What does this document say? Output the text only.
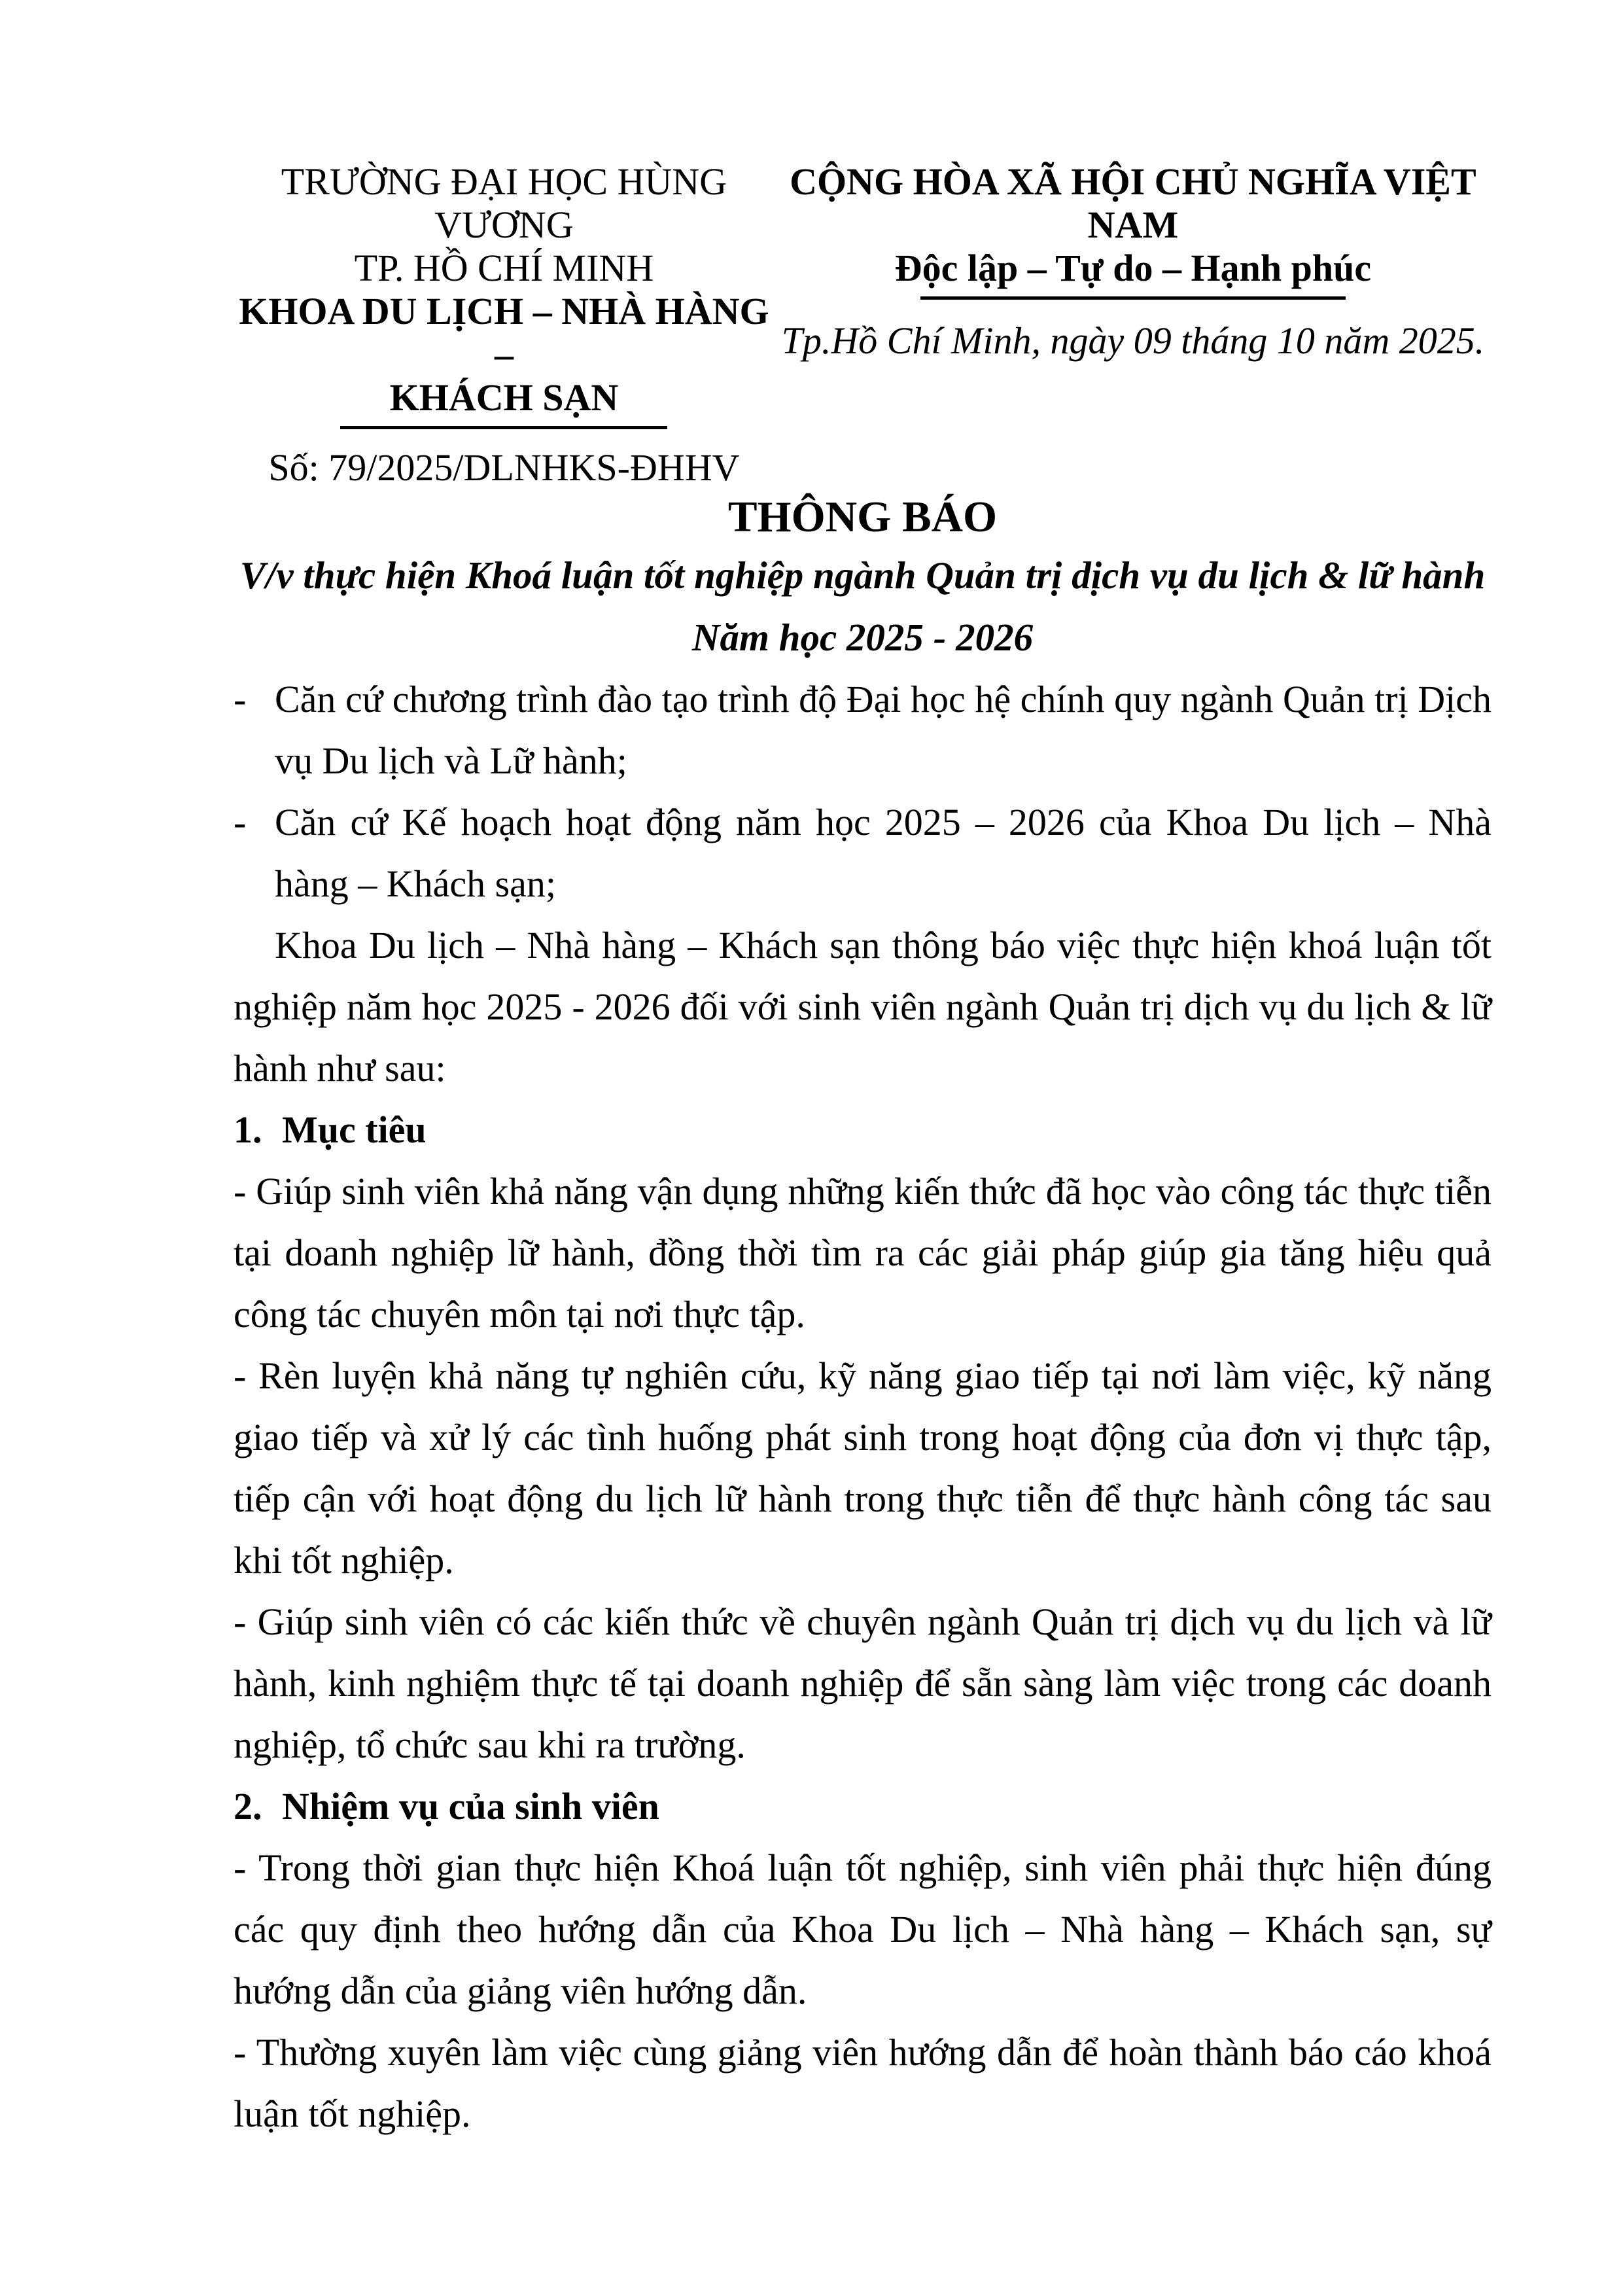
TRƯỜNG ĐẠI HỌC HÙNG VƯƠNG
TP. HỒ CHÍ MINH
KHOA DU LỊCH – NHÀ HÀNG –
KHÁCH SẠN
Số: 79/2025/DLNHKS-ĐHHV
CỘNG HÒA XÃ HỘI CHỦ NGHĨA VIỆT NAM
Độc lập – Tự do – Hạnh phúc
Tp.Hồ Chí Minh, ngày 09 tháng 10 năm 2025.
THÔNG BÁO
V/v thực hiện Khoá luận tốt nghiệp ngành Quản trị dịch vụ du lịch & lữ hành
Năm học 2025 - 2026

- Căn cứ chương trình đào tạo trình độ Đại học hệ chính quy ngành Quản trị Dịch vụ Du lịch và Lữ hành;

- Căn cứ Kế hoạch hoạt động năm học 2025 – 2026 của Khoa Du lịch – Nhà hàng – Khách sạn;

Khoa Du lịch – Nhà hàng – Khách sạn thông báo việc thực hiện khoá luận tốt nghiệp năm học 2025 - 2026 đối với sinh viên ngành Quản trị dịch vụ du lịch & lữ hành như sau:

1. Mục tiêu

- Giúp sinh viên khả năng vận dụng những kiến thức đã học vào công tác thực tiễn tại doanh nghiệp lữ hành, đồng thời tìm ra các giải pháp giúp gia tăng hiệu quả công tác chuyên môn tại nơi thực tập.

- Rèn luyện khả năng tự nghiên cứu, kỹ năng giao tiếp tại nơi làm việc, kỹ năng giao tiếp và xử lý các tình huống phát sinh trong hoạt động của đơn vị thực tập, tiếp cận với hoạt động du lịch lữ hành trong thực tiễn để thực hành công tác sau khi tốt nghiệp.

- Giúp sinh viên có các kiến thức về chuyên ngành Quản trị dịch vụ du lịch và lữ hành, kinh nghiệm thực tế tại doanh nghiệp để sẵn sàng làm việc trong các doanh nghiệp, tổ chức sau khi ra trường.

2. Nhiệm vụ của sinh viên

- Trong thời gian thực hiện Khoá luận tốt nghiệp, sinh viên phải thực hiện đúng các quy định theo hướng dẫn của Khoa Du lịch – Nhà hàng – Khách sạn, sự hướng dẫn của giảng viên hướng dẫn.

- Thường xuyên làm việc cùng giảng viên hướng dẫn để hoàn thành báo cáo khoá luận tốt nghiệp.
